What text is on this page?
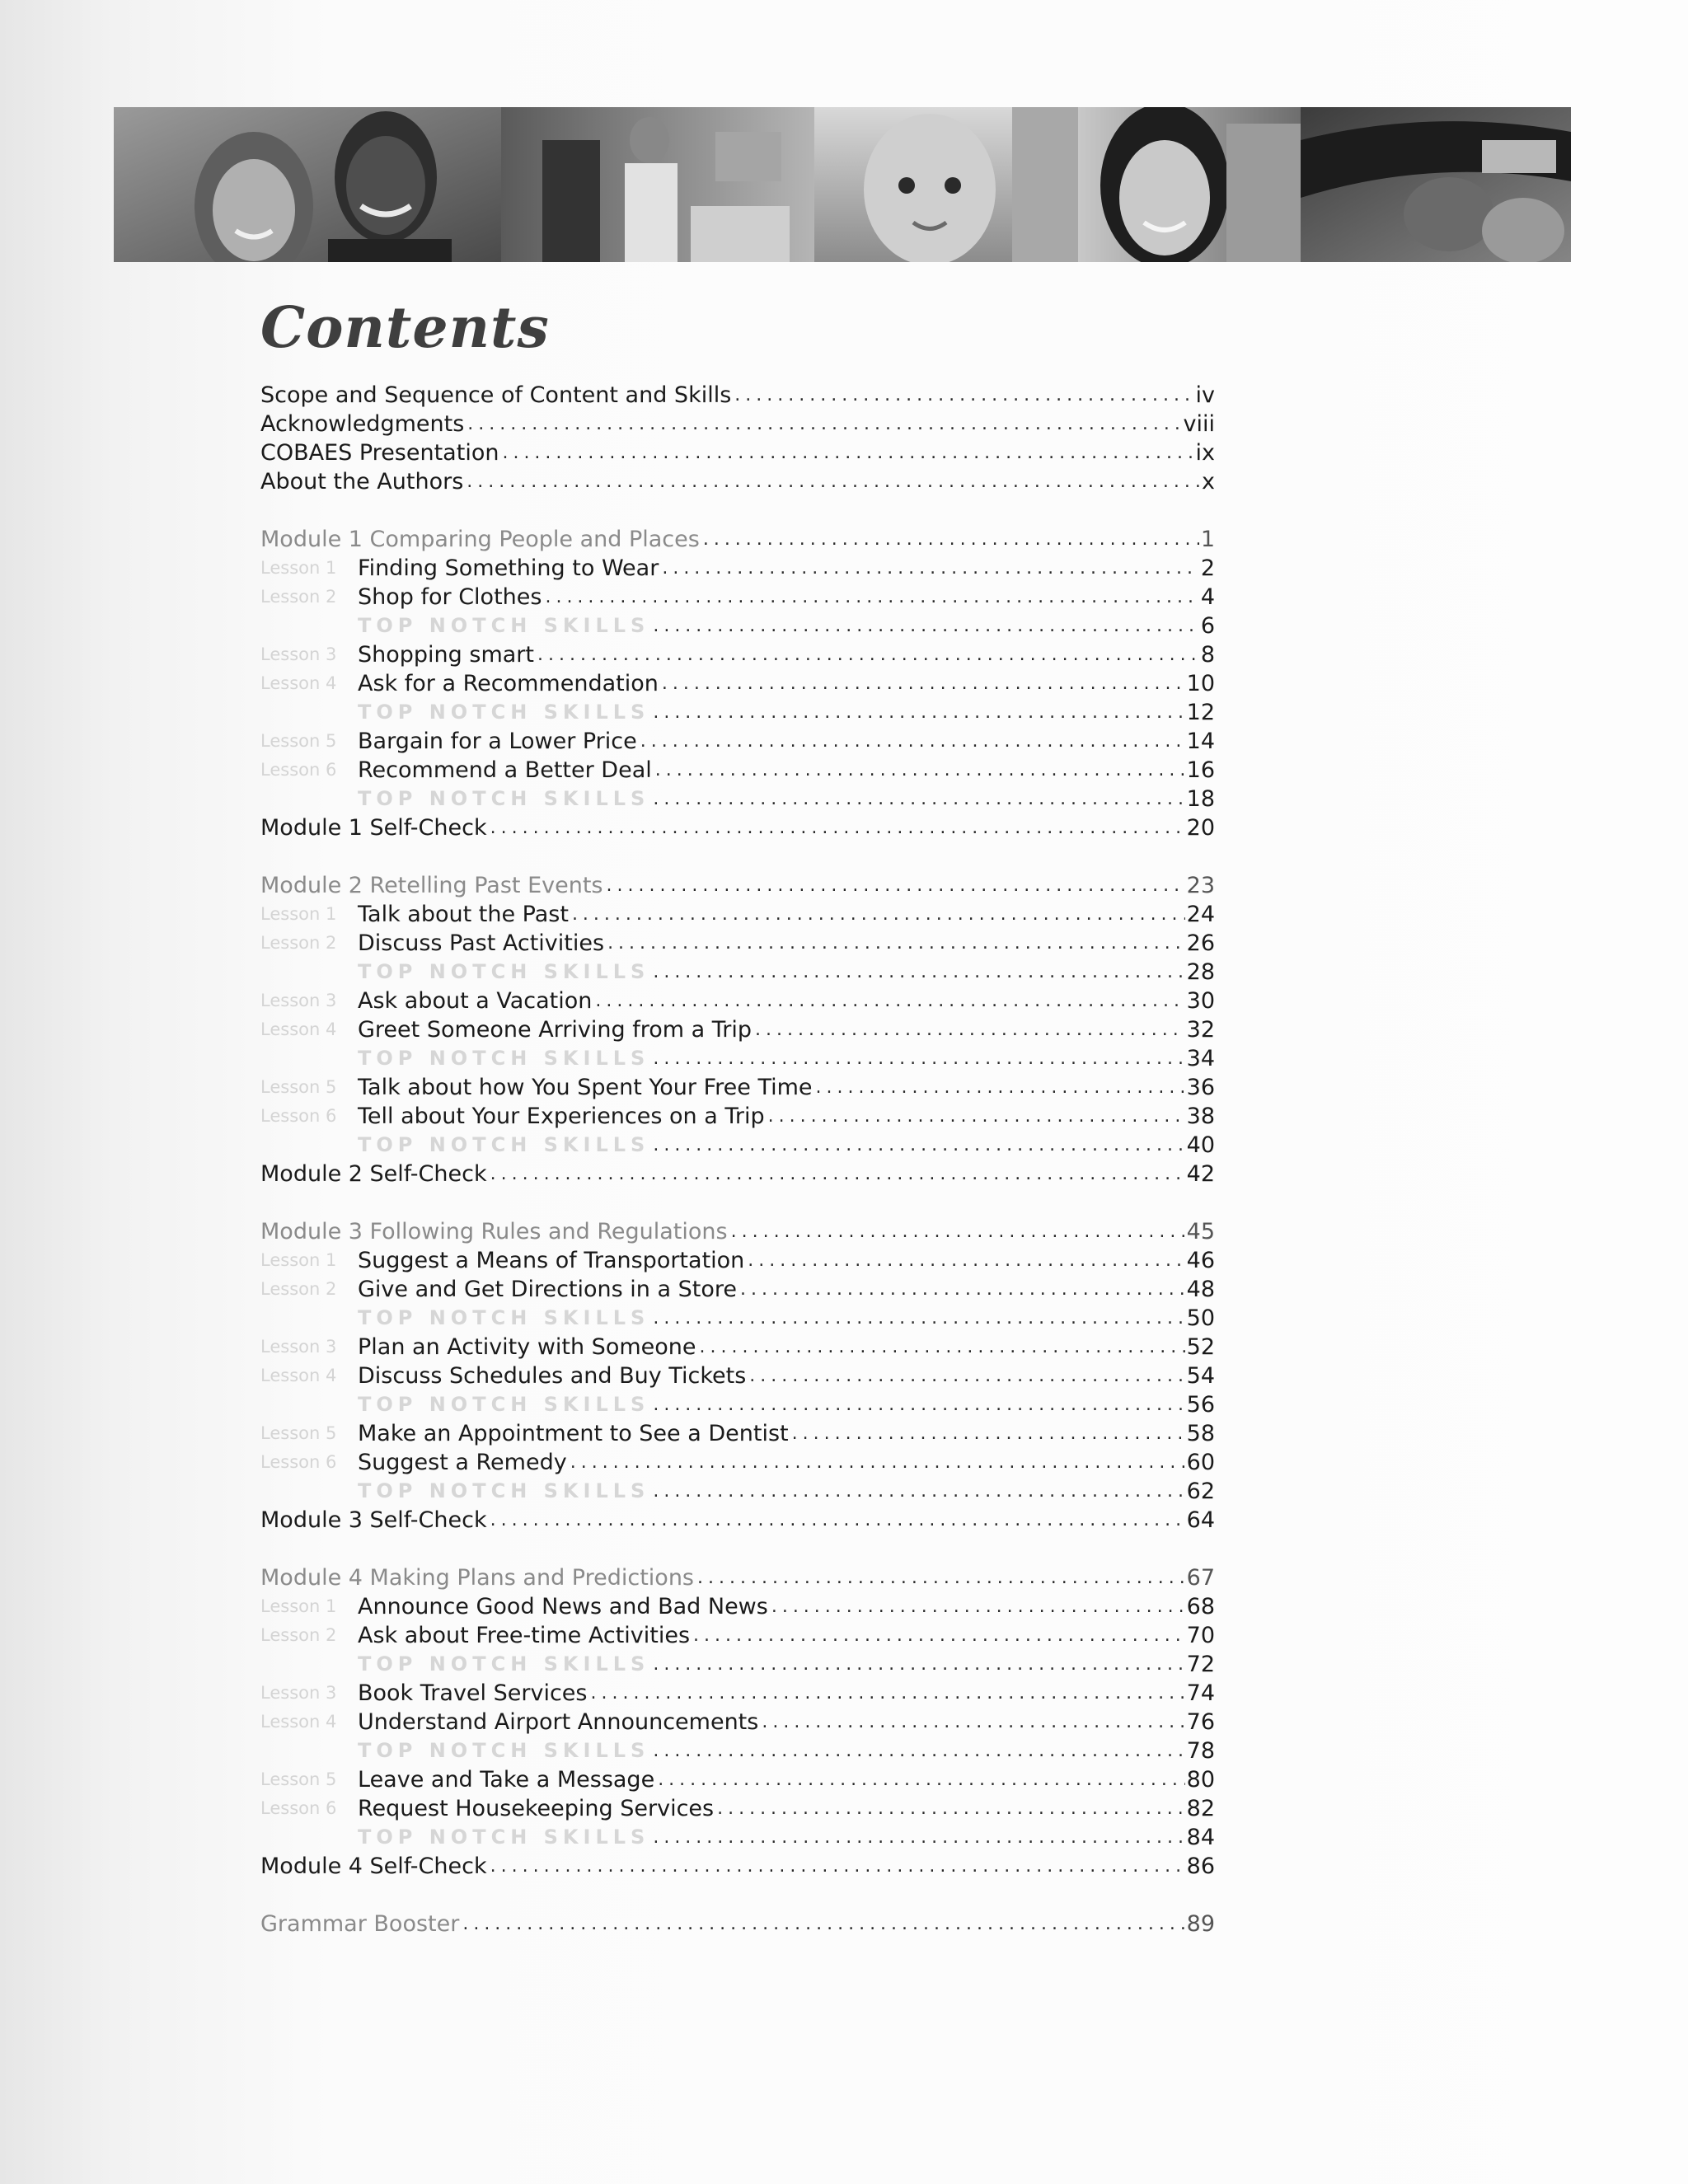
Contents
Scope and Sequence of Content and Skills .....	iv
Acknowledgments .....	viii
COBAES Presentation .....	ix
About the Authors .....	x
Module 1 Comparing People and Places .....	1
Lesson 1 Finding Something to Wear .....	2
Lesson 2 Shop for Clothes .....	4
TOP NOTCH SKILLS .....	6
Lesson 3 Shopping smart .....	8
Lesson 4 Ask for a Recommendation .....	10
TOP NOTCH SKILLS .....	12
Lesson 5 Bargain for a Lower Price .....	14
Lesson 6 Recommend a Better Deal .....	16
TOP NOTCH SKILLS .....	18
Module 1 Self-Check .....	20
Module 2 Retelling Past Events .....	23
Lesson 1 Talk about the Past .....	24
Lesson 2 Discuss Past Activities .....	26
TOP NOTCH SKILLS .....	28
Lesson 3 Ask about a Vacation .....	30
Lesson 4 Greet Someone Arriving from a Trip .....	32
TOP NOTCH SKILLS .....	34
Lesson 5 Talk about how You Spent Your Free Time .....	36
Lesson 6 Tell about Your Experiences on a Trip .....	38
TOP NOTCH SKILLS .....	40
Module 2 Self-Check .....	42
Module 3 Following Rules and Regulations .....	45
Lesson 1 Suggest a Means of Transportation .....	46
Lesson 2 Give and Get Directions in a Store .....	48
TOP NOTCH SKILLS .....	50
Lesson 3 Plan an Activity with Someone .....	52
Lesson 4 Discuss Schedules and Buy Tickets .....	54
TOP NOTCH SKILLS .....	56
Lesson 5 Make an Appointment to See a Dentist .....	58
Lesson 6 Suggest a Remedy .....	60
TOP NOTCH SKILLS .....	62
Module 3 Self-Check .....	64
Module 4 Making Plans and Predictions .....	67
Lesson 1 Announce Good News and Bad News .....	68
Lesson 2 Ask about Free-time Activities .....	70
TOP NOTCH SKILLS .....	72
Lesson 3 Book Travel Services .....	74
Lesson 4 Understand Airport Announcements .....	76
TOP NOTCH SKILLS .....	78
Lesson 5 Leave and Take a Message .....	80
Lesson 6 Request Housekeeping Services .....	82
TOP NOTCH SKILLS .....	84
Module 4 Self-Check .....	86
Grammar Booster .....	89
